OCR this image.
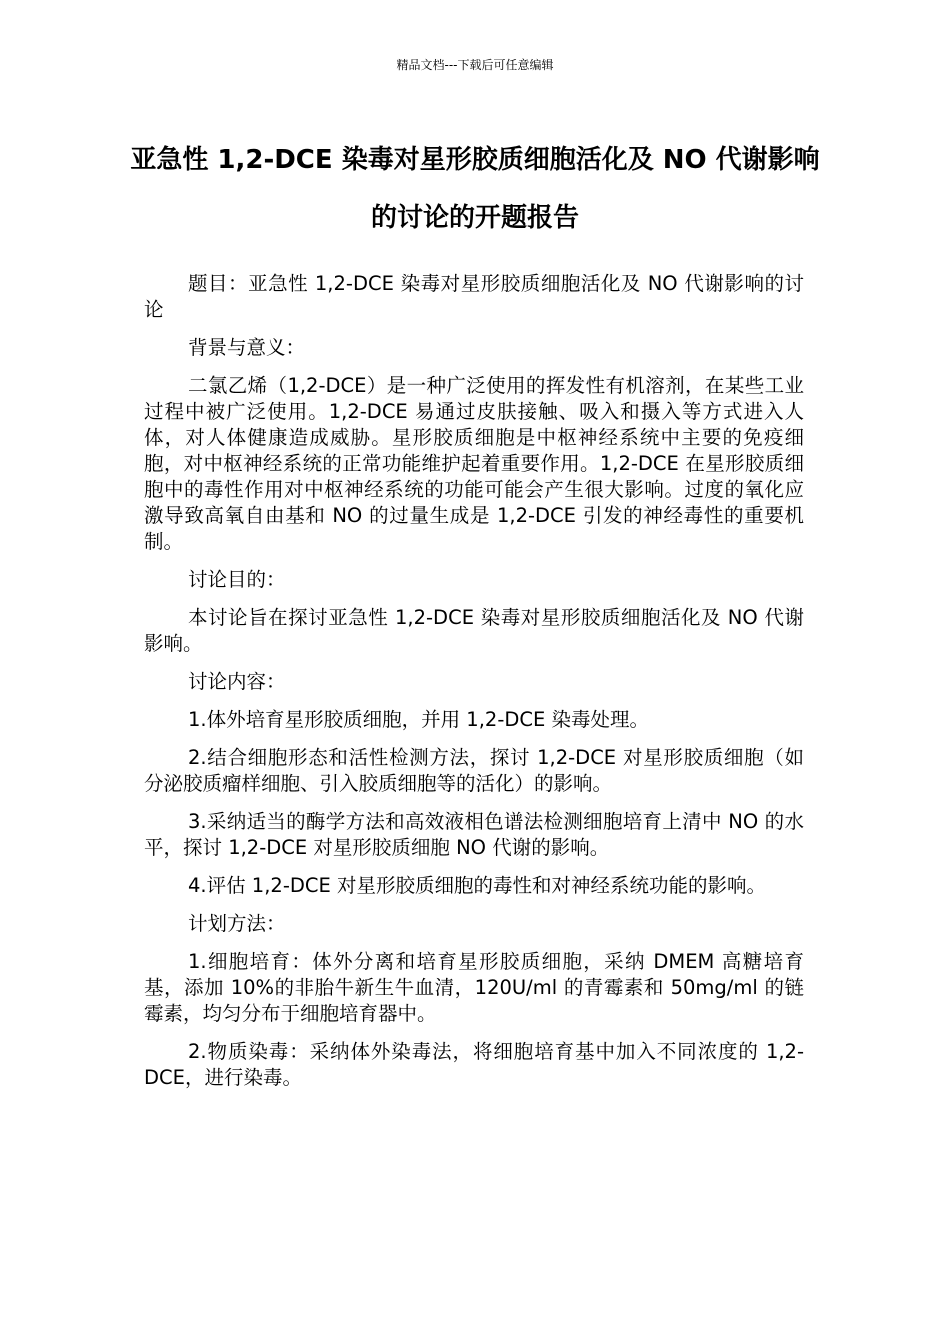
精品文档---下载后可任意编辑
亚急性 1,2-DCE 染毒对星形胶质细胞活化及 NO 代谢影响的讨论的开题报告

题目：亚急性 1,2-DCE 染毒对星形胶质细胞活化及 NO 代谢影响的讨论

背景与意义：

二氯乙烯（1,2-DCE）是一种广泛使用的挥发性有机溶剂，在某些工业过程中被广泛使用。1,2-DCE 易通过皮肤接触、吸入和摄入等方式进入人体，对人体健康造成威胁。星形胶质细胞是中枢神经系统中主要的免疫细胞，对中枢神经系统的正常功能维护起着重要作用。1,2-DCE 在星形胶质细胞中的毒性作用对中枢神经系统的功能可能会产生很大影响。过度的氧化应激导致高氧自由基和 NO 的过量生成是 1,2-DCE 引发的神经毒性的重要机制。

讨论目的：

本讨论旨在探讨亚急性 1,2-DCE 染毒对星形胶质细胞活化及 NO 代谢影响。

讨论内容：

1.体外培育星形胶质细胞，并用 1,2-DCE 染毒处理。

2.结合细胞形态和活性检测方法，探讨 1,2-DCE 对星形胶质细胞（如分泌胶质瘤样细胞、引入胶质细胞等的活化）的影响。

3.采纳适当的酶学方法和高效液相色谱法检测细胞培育上清中 NO 的水平，探讨 1,2-DCE 对星形胶质细胞 NO 代谢的影响。

4.评估 1,2-DCE 对星形胶质细胞的毒性和对神经系统功能的影响。

计划方法：

1.细胞培育：体外分离和培育星形胶质细胞，采纳 DMEM 高糖培育基，添加 10%的非胎牛新生牛血清，120U/ml 的青霉素和 50mg/ml 的链霉素，均匀分布于细胞培育器中。

2.物质染毒：采纳体外染毒法，将细胞培育基中加入不同浓度的 1,2-DCE，进行染毒。
